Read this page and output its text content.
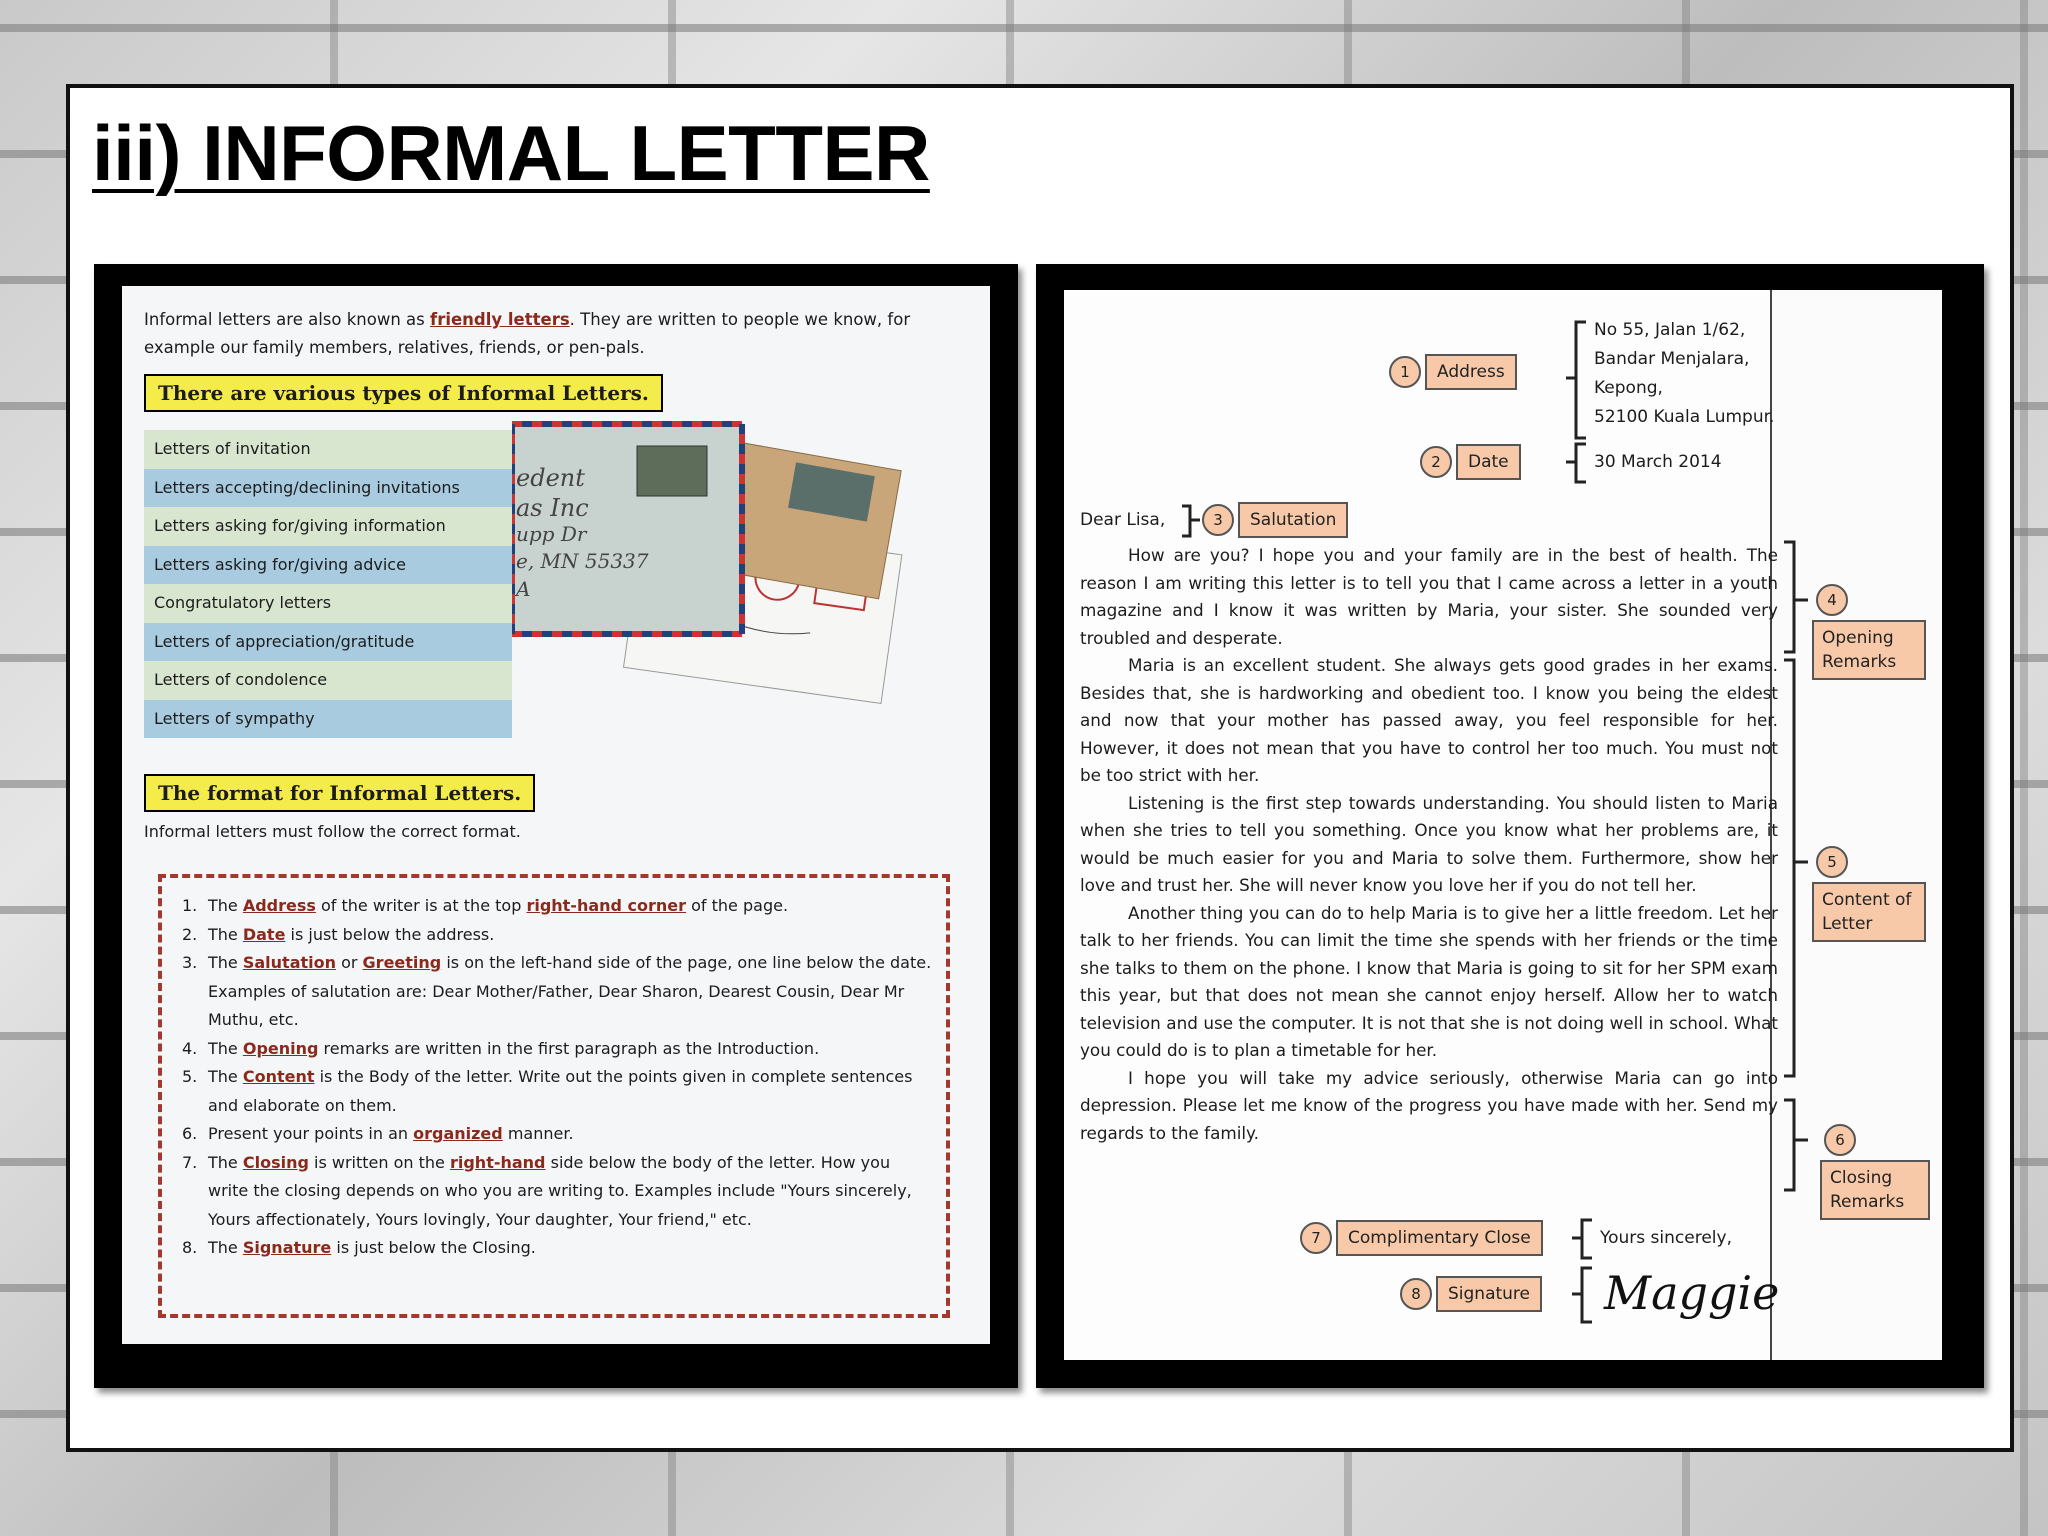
iii) INFORMAL LETTER

Informal letters are also known as friendly letters. They are written to people we know, for example our family members, relatives, friends, or pen-pals.

There are various types of Informal Letters.
Letters of invitation
Letters accepting/declining invitations
Letters asking for/giving information
Letters asking for/giving advice
Congratulatory letters
Letters of appreciation/gratitude
Letters of condolence
Letters of sympathy
edent
as Inc
upp Dr
e, MN 55337
A
The format for Informal Letters.

Informal letters must follow the correct format.

1. The Address of the writer is at the top right-hand corner of the page.
2. The Date is just below the address.
3. The Salutation or Greeting is on the left-hand side of the page, one line below the date.
Examples of salutation are: Dear Mother/Father, Dear Sharon, Dearest Cousin, Dear Mr Muthu, etc.
4. The Opening remarks are written in the first paragraph as the Introduction.
5. The Content is the Body of the letter. Write out the points given in complete sentences and elaborate on them.
6. Present your points in an organized manner.
7. The Closing is written on the right-hand side below the body of the letter. How you write the closing depends on who you are writing to. Examples include "Yours sincerely, Yours affectionately, Yours lovingly, Your daughter, Your friend," etc.
8. The Signature is just below the Closing.
1	Address
No 55, Jalan 1/62,
Bandar Menjalara,
Kepong,
52100 Kuala Lumpur.
2	Date	30 March 2014
Dear Lisa,	3	Salutation

How are you? I hope you and your family are in the best of health. The reason I am writing this letter is to tell you that I came across a letter in a youth magazine and I know it was written by Maria, your sister. She sounded very troubled and desperate.

Maria is an excellent student. She always gets good grades in her exams. Besides that, she is hardworking and obedient too. I know you being the eldest and now that your mother has passed away, you feel responsible for her. However, it does not mean that you have to control her too much. You must not be too strict with her.

Listening is the first step towards understanding. You should listen to Maria when she tries to tell you something. Once you know what her problems are, it would be much easier for you and Maria to solve them. Furthermore, show her love and trust her. She will never know you love her if you do not tell her.

Another thing you can do to help Maria is to give her a little freedom. Let her talk to her friends. You can limit the time she spends with her friends or the time she talks to them on the phone. I know that Maria is going to sit for her SPM exam this year, but that does not mean she cannot enjoy herself. Allow her to watch television and use the computer. It is not that she is not doing well in school. What you could do is to plan a timetable for her.

I hope you will take my advice seriously, otherwise Maria can go into depression. Please let me know of the progress you have made with her. Send my regards to the family.

4
Opening Remarks
5
Content of Letter
6
Closing Remarks
7	Complimentary Close	Yours sincerely,
8	Signature Maggie
